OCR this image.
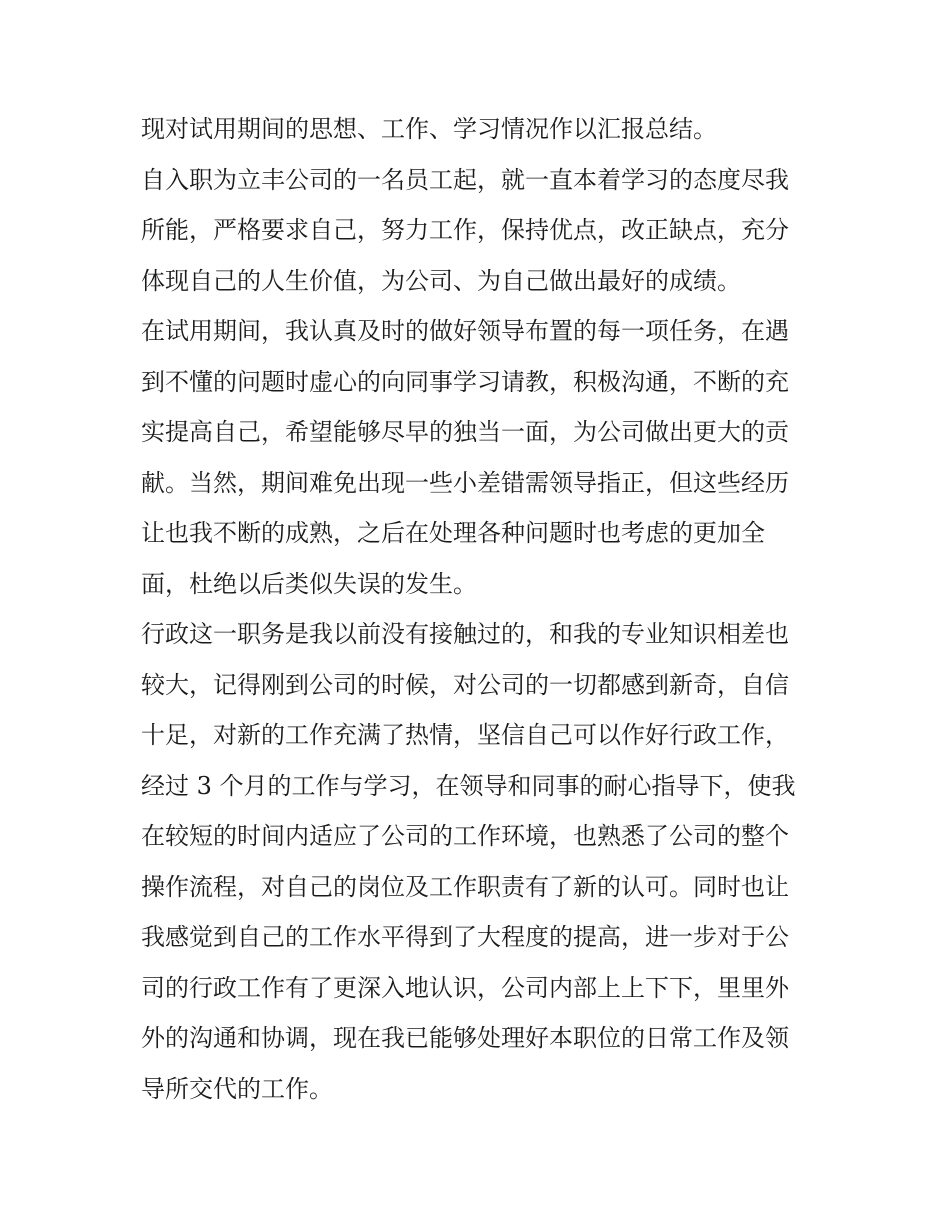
现对试用期间的思想、工作、学习情况作以汇报总结。
自入职为立丰公司的一名员工起，就一直本着学习的态度尽我
所能，严格要求自己，努力工作，保持优点，改正缺点，充分
体现自己的人生价值，为公司、为自己做出最好的成绩。
在试用期间，我认真及时的做好领导布置的每一项任务，在遇
到不懂的问题时虚心的向同事学习请教，积极沟通，不断的充
实提高自己，希望能够尽早的独当一面，为公司做出更大的贡
献。当然，期间难免出现一些小差错需领导指正，但这些经历
让也我不断的成熟，之后在处理各种问题时也考虑的更加全
面，杜绝以后类似失误的发生。
行政这一职务是我以前没有接触过的，和我的专业知识相差也
较大，记得刚到公司的时候，对公司的一切都感到新奇，自信
十足，对新的工作充满了热情，坚信自己可以作好行政工作，
经过 3 个月的工作与学习，在领导和同事的耐心指导下，使我
在较短的时间内适应了公司的工作环境，也熟悉了公司的整个
操作流程，对自己的岗位及工作职责有了新的认可。同时也让
我感觉到自己的工作水平得到了大程度的提高，进一步对于公
司的行政工作有了更深入地认识，公司内部上上下下，里里外
外的沟通和协调，现在我已能够处理好本职位的日常工作及领
导所交代的工作。
